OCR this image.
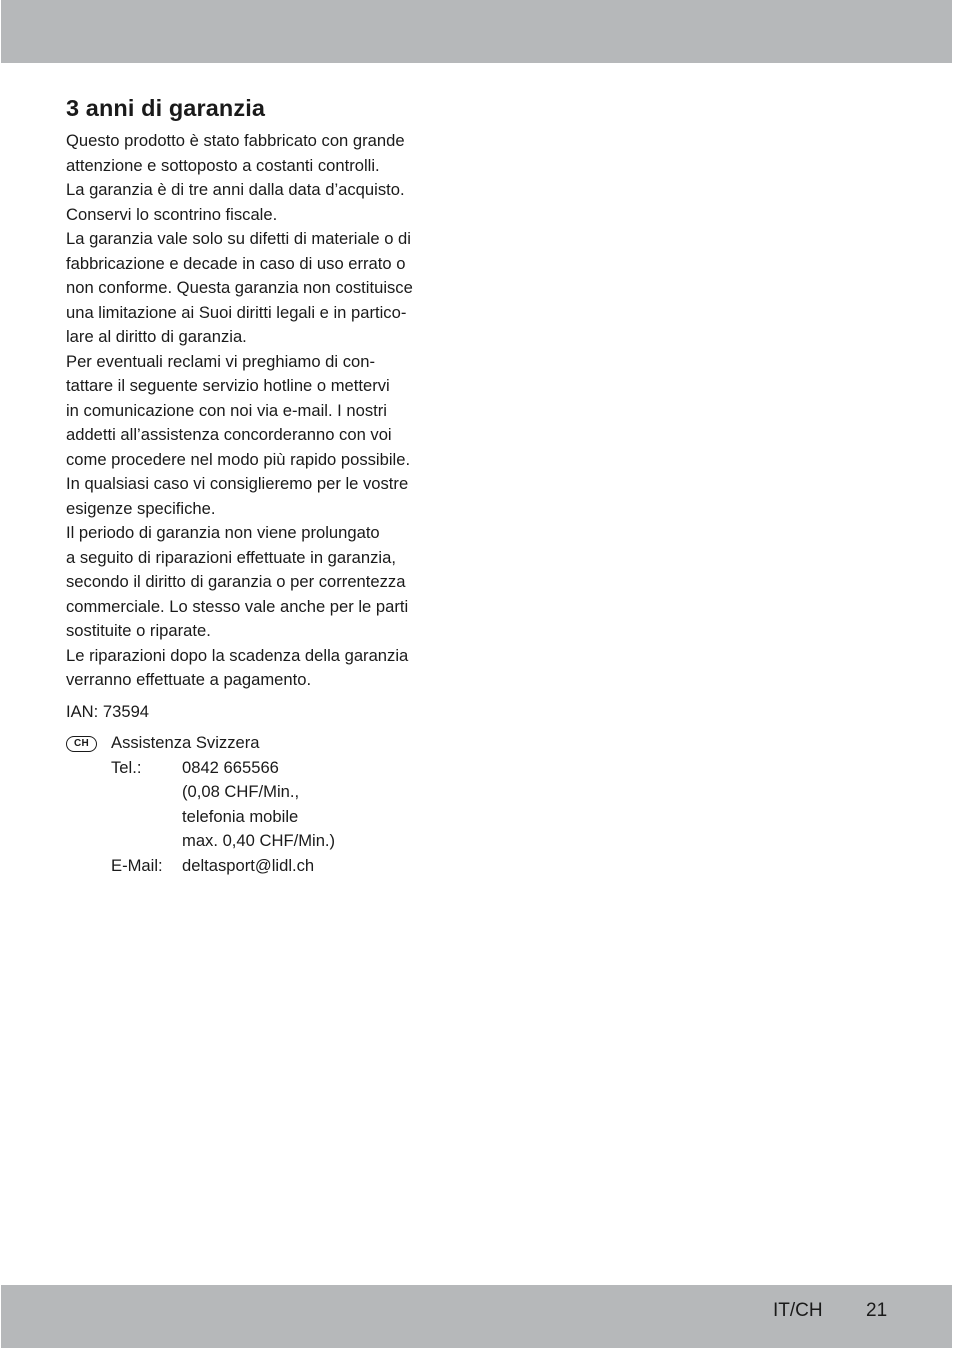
3 anni di garanzia
Questo prodotto è stato fabbricato con grande
attenzione e sottoposto a costanti controlli.
La garanzia è di tre anni dalla data d’acquisto.
Conservi lo scontrino fiscale.
La garanzia vale solo su difetti di materiale o di
fabbricazione e decade in caso di uso errato o
non conforme. Questa garanzia non costituisce
una limitazione ai Suoi diritti legali e in partico-
lare al diritto di garanzia.
Per eventuali reclami vi preghiamo di con-
tattare il seguente servizio hotline o mettervi
in comunicazione con noi via e-mail. I nostri
addetti all’assistenza concorderanno con voi
come procedere nel modo più rapido possibile.
In qualsiasi caso vi consiglieremo per le vostre
esigenze specifiche.
Il periodo di garanzia non viene prolungato
a seguito di riparazioni effettuate in garanzia,
secondo il diritto di garanzia o per correntezza
commerciale. Lo stesso vale anche per le parti
sostituite o riparate.
Le riparazioni dopo la scadenza della garanzia
verranno effettuate a pagamento.

IAN: 73594

CH	Assistenza Svizzera
Tel.:	0842 665566
(0,08 CHF/Min.,
telefonia mobile
max. 0,40 CHF/Min.)
E-Mail:	deltasport@lidl.ch
IT/CH 21
